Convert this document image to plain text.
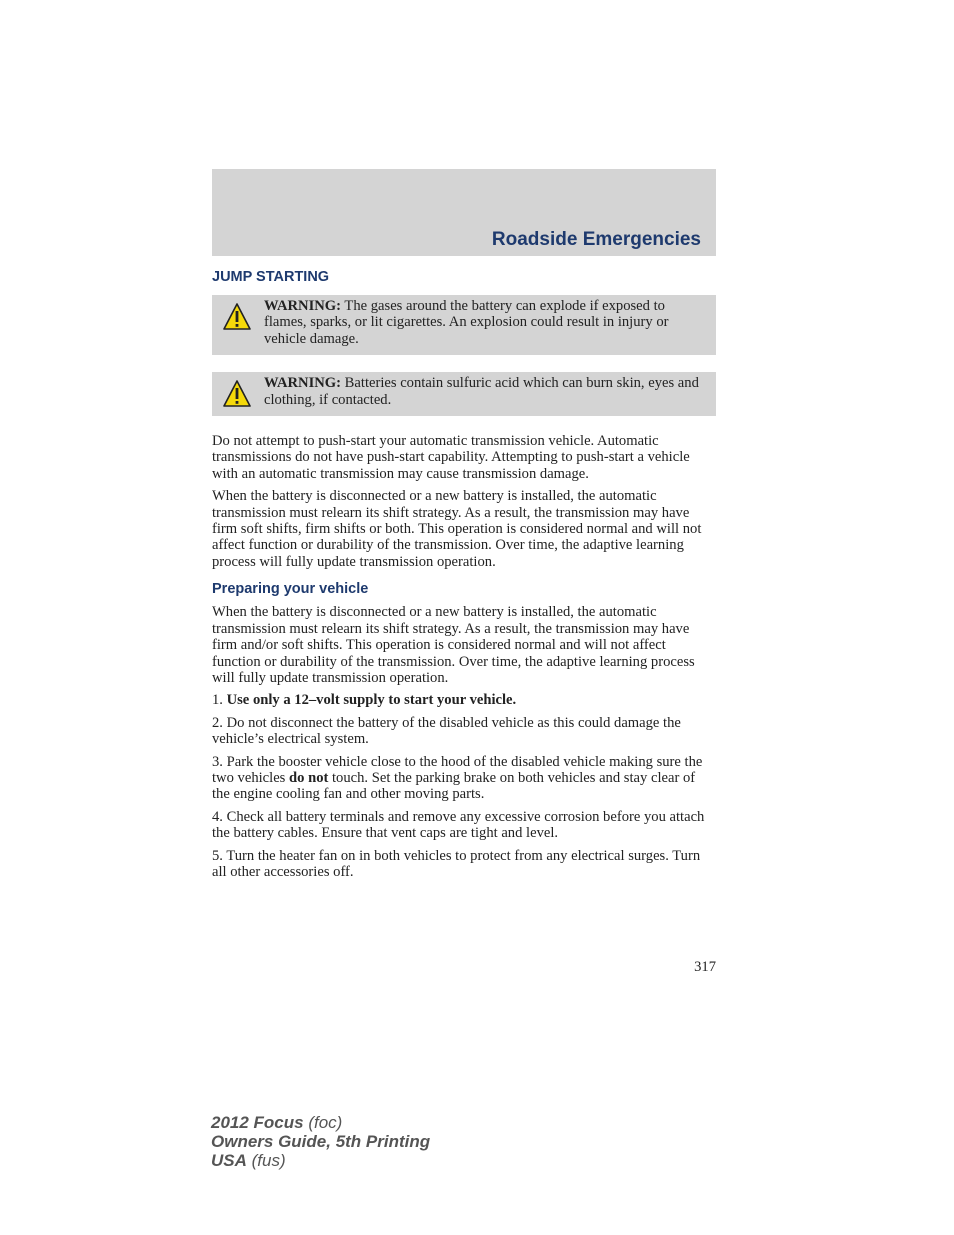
Roadside Emergencies
JUMP STARTING

WARNING: The gases around the battery can explode if exposed to flames, sparks, or lit cigarettes. An explosion could result in injury or vehicle damage.

WARNING: Batteries contain sulfuric acid which can burn skin, eyes and clothing, if contacted.

Do not attempt to push-start your automatic transmission vehicle. Automatic transmissions do not have push-start capability. Attempting to push-start a vehicle with an automatic transmission may cause transmission damage.

When the battery is disconnected or a new battery is installed, the automatic transmission must relearn its shift strategy. As a result, the transmission may have firm soft shifts, firm shifts or both. This operation is considered normal and will not affect function or durability of the transmission. Over time, the adaptive learning process will fully update transmission operation.

Preparing your vehicle

When the battery is disconnected or a new battery is installed, the automatic transmission must relearn its shift strategy. As a result, the transmission may have firm and/or soft shifts. This operation is considered normal and will not affect function or durability of the transmission. Over time, the adaptive learning process will fully update transmission operation.

1. Use only a 12–volt supply to start your vehicle.

2. Do not disconnect the battery of the disabled vehicle as this could damage the vehicle’s electrical system.

3. Park the booster vehicle close to the hood of the disabled vehicle making sure the two vehicles do not touch. Set the parking brake on both vehicles and stay clear of the engine cooling fan and other moving parts.

4. Check all battery terminals and remove any excessive corrosion before you attach the battery cables. Ensure that vent caps are tight and level.

5. Turn the heater fan on in both vehicles to protect from any electrical surges. Turn all other accessories off.

317
2012 Focus (foc)
Owners Guide, 5th Printing
USA (fus)
